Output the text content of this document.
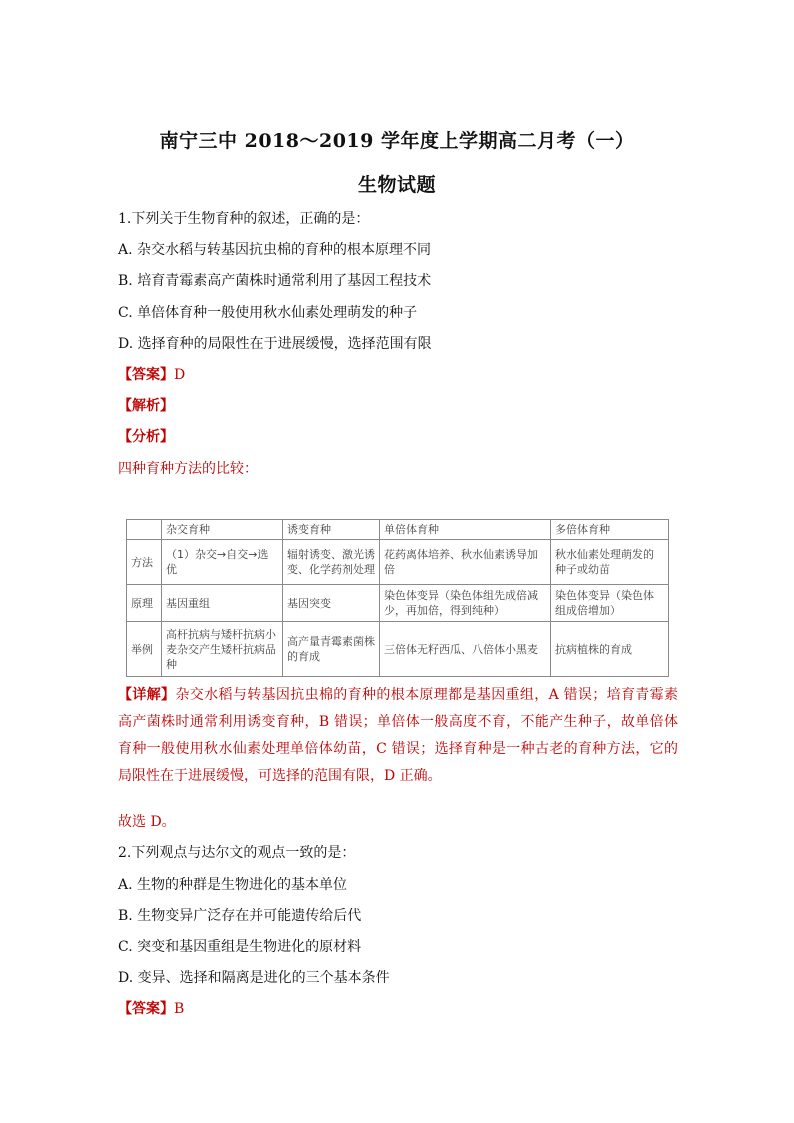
南宁三中 2018～2019 学年度上学期高二月考（一）
生物试题
1.下列关于生物育种的叙述，正确的是：
A. 杂交水稻与转基因抗虫棉的育种的根本原理不同
B. 培育青霉素高产菌株时通常利用了基因工程技术
C. 单倍体育种一般使用秋水仙素处理萌发的种子
D. 选择育种的局限性在于进展缓慢，选择范围有限
【答案】D
【解析】
【分析】
四种育种方法的比较：
	杂交育种	诱变育种	单倍体育种	多倍体育种
方法	（1）杂交→自交→选优	辐射诱变、激光诱变、化学药剂处理	花药离体培养、秋水仙素诱导加倍	秋水仙素处理萌发的种子或幼苗
原理	基因重组	基因突变	染色体变异（染色体组先成倍减少，再加倍，得到纯种）	染色体变异（染色体组成倍增加）
举例	高杆抗病与矮杆抗病小麦杂交产生矮杆抗病品种	高产量青霉素菌株的育成	三倍体无籽西瓜、八倍体小黑麦	抗病植株的育成
【详解】杂交水稻与转基因抗虫棉的育种的根本原理都是基因重组，A 错误；培育青霉素高产菌株时通常利用诱变育种，B 错误；单倍体一般高度不育，不能产生种子，故单倍体育种一般使用秋水仙素处理单倍体幼苗，C 错误；选择育种是一种古老的育种方法，它的局限性在于进展缓慢，可选择的范围有限，D 正确。
故选 D。
2.下列观点与达尔文的观点一致的是：
A. 生物的种群是生物进化的基本单位
B. 生物变异广泛存在并可能遗传给后代
C. 突变和基因重组是生物进化的原材料
D. 变异、选择和隔离是进化的三个基本条件
【答案】B
